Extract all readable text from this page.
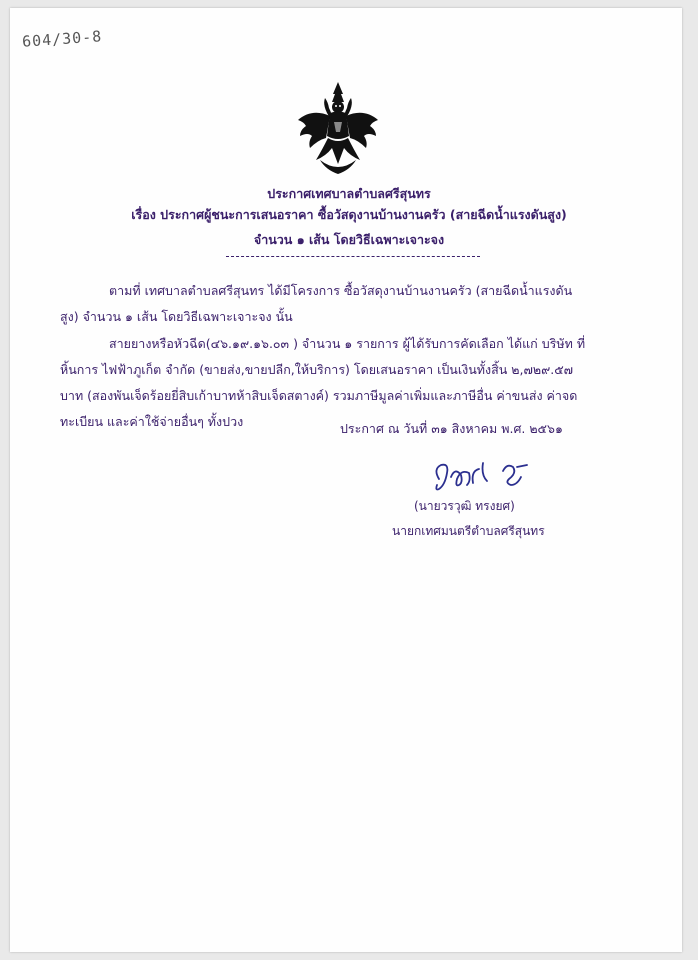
604/30-8
ประกาศเทศบาลตำบลศรีสุนทร
เรื่อง ประกาศผู้ชนะการเสนอราคา ซื้อวัสดุงานบ้านงานครัว (สายฉีดน้ำแรงดันสูง)
จำนวน ๑ เส้น โดยวิธีเฉพาะเจาะจง
ตามที่ เทศบาลตำบลศรีสุนทร ได้มีโครงการ ซื้อวัสดุงานบ้านงานครัว (สายฉีดน้ำแรงดันสูง) จำนวน ๑ เส้น โดยวิธีเฉพาะเจาะจง นั้น
สายยางหรือหัวฉีด(๔๖.๑๙.๑๖.๐๓ ) จำนวน ๑ รายการ ผู้ได้รับการคัดเลือก ได้แก่ บริษัท ที่หิ้นการ ไฟฟ้าภูเก็ต จำกัด (ขายส่ง,ขายปลีก,ให้บริการ) โดยเสนอราคา เป็นเงินทั้งสิ้น ๒,๗๒๙.๕๗ บาท (สองพันเจ็ดร้อยยี่สิบเก้าบาทห้าสิบเจ็ดสตางค์) รวมภาษีมูลค่าเพิ่มและภาษีอื่น ค่าขนส่ง ค่าจดทะเบียน และค่าใช้จ่ายอื่นๆ ทั้งปวง	ประกาศ ณ วันที่ ๓๑ สิงหาคม พ.ศ. ๒๕๖๑
(นายวรวุฒิ ทรงยศ)
นายกเทศมนตรีตำบลศรีสุนทร
